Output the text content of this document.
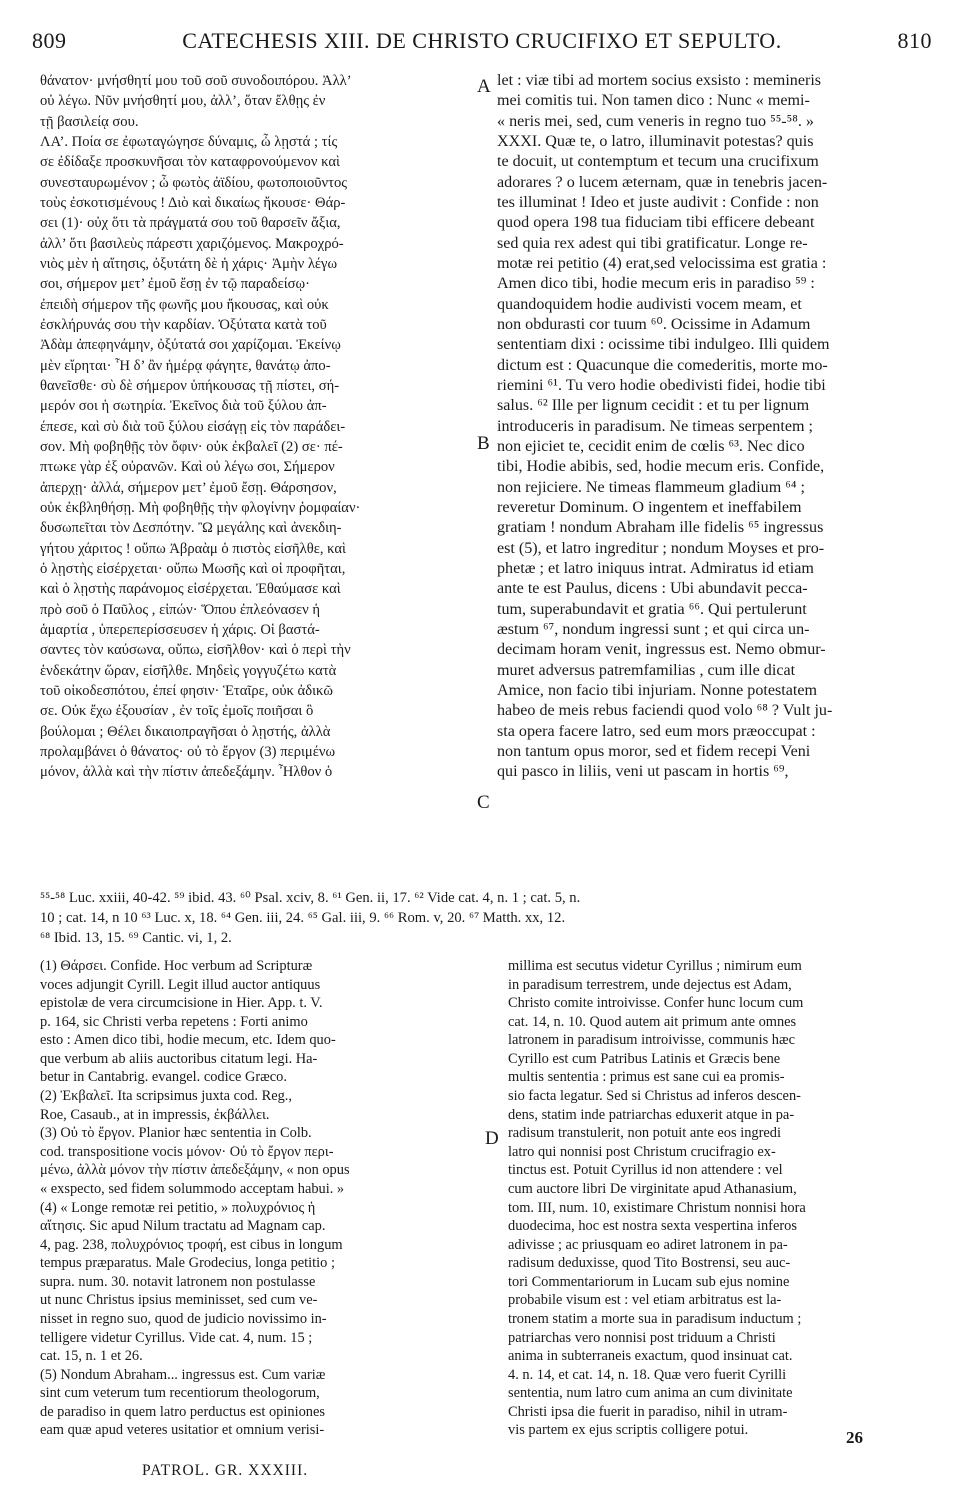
809	CATECHESIS XIII. DE CHRISTO CRUCIFIXO ET SEPULTO.	810

θάνατον· μνήσθητί μου τοῦ σοῦ συνοδοιπόρου. Ἀλλ’

οὐ λέγω. Νῦν μνήσθητί μου, ἀλλ’, ὅταν ἔλθῃς ἐν

τῇ βασιλείᾳ σου.

ΛΑ’. Ποία σε ἐφωταγώγησε δύναμις, ὦ λῃστά ; τίς

σε ἐδίδαξε προσκυνῆσαι τὸν καταφρονούμενον καὶ

συνεσταυρωμένον ; ὦ φωτὸς ἀϊδίου, φωτοποιοῦντος

τοὺς ἐσκοτισμένους ! Διὸ καὶ δικαίως ἤκουσε· Θάρ-

σει (1)· οὐχ ὅτι τὰ πράγματά σου τοῦ θαρσεῖν ἄξια,

ἀλλ’ ὅτι βασιλεὺς πάρεστι χαριζόμενος. Μακροχρό-

νιὸς μὲν ἡ αἴτησις, ὀξυτάτη δὲ ἡ χάρις· Ἀμὴν λέγω

σοι, σήμερον μετ’ ἐμοῦ ἔσῃ ἐν τῷ παραδείσῳ·

ἐπειδὴ σήμερον τῆς φωνῆς μου ἤκουσας, καὶ οὐκ

ἐσκλήρυνάς σου τὴν καρδίαν. Ὀξύτατα κατὰ τοῦ

Ἀδὰμ ἀπεφηνάμην, ὀξύτατά σοι χαρίζομαι. Ἐκείνῳ

μὲν εἴρηται· Ἧ δ’ ἂν ἡμέρᾳ φάγητε, θανάτῳ ἀπο-

θανεῖσθε· σὺ δὲ σήμερον ὑπήκουσας τῇ πίστει, σή-

μερόν σοι ἡ σωτηρία. Ἐκεῖνος διὰ τοῦ ξύλου ἀπ-

έπεσε, καὶ σὺ διὰ τοῦ ξύλου εἰσάγῃ εἰς τὸν παράδει-

σον. Μὴ φοβηθῇς τὸν ὄφιν· οὐκ ἐκβαλεῖ (2) σε· πέ-

πτωκε γὰρ ἐξ οὐρανῶν. Καὶ οὐ λέγω σοι, Σήμερον

ἀπερχῃ· ἀλλά, σήμερον μετ’ ἐμοῦ ἔσῃ. Θάρσησον,

οὐκ ἐκβληθήσῃ. Μὴ φοβηθῇς τὴν φλογίνην ῥομφαίαν·

δυσωπεῖται τὸν Δεσπότην. Ὢ μεγάλης καὶ ἀνεκδιη-

γήτου χάριτος ! οὔπω Ἀβραὰμ ὁ πιστὸς εἰσῆλθε, καὶ

ὁ λῃστὴς εἰσέρχεται· οὔπω Μωσῆς καὶ οἱ προφῆται,

καὶ ὁ λῃστὴς παράνομος εἰσέρχεται. Ἐθαύμασε καὶ

πρὸ σοῦ ὁ Παῦλος , εἰπών· Ὅπου ἐπλεόνασεν ἡ

ἁμαρτία , ὑπερεπερίσσευσεν ἡ χάρις. Οἱ βαστά-

σαντες τὸν καύσωνα, οὔπω, εἰσῆλθον· καὶ ὁ περὶ τὴν

ἑνδεκάτην ὥραν, εἰσῆλθε. Μηδεὶς γογγυζέτω κατὰ

τοῦ οἰκοδεσπότου, ἐπεί φησιν· Ἑταῖρε, οὐκ ἀδικῶ

σε. Οὐκ ἔχω ἐξουσίαν , ἐν τοῖς ἐμοῖς ποιῆσαι ὃ

βούλομαι ; Θέλει δικαιοπραγῆσαι ὁ λῃστής, ἀλλὰ

προλαμβάνει ὁ θάνατος· οὐ τὸ ἔργον (3) περιμένω

μόνον, ἀλλὰ καὶ τὴν πίστιν ἀπεδεξάμην. Ἦλθον ὁ

let : viæ tibi ad mortem socius exsisto : memineris

mei comitis tui. Non tamen dico : Nunc « memi-

« neris mei, sed, cum veneris in regno tuo ⁵⁵-⁵⁸. »

XXXI. Quæ te, o latro, illuminavit potestas? quis

te docuit, ut contemptum et tecum una crucifixum

adorares ? o lucem æternam, quæ in tenebris jacen-

tes illuminat ! Ideo et juste audivit : Confide : non

quod opera 198 tua fiduciam tibi efficere debeant

sed quia rex adest qui tibi gratificatur. Longe re-

motæ rei petitio (4) erat,sed velocissima est gratia :

Amen dico tibi, hodie mecum eris in paradiso ⁵⁹ :

quandoquidem hodie audivisti vocem meam, et

non obdurasti cor tuum ⁶⁰. Ocissime in Adamum

sententiam dixi : ocissime tibi indulgeo. Illi quidem

dictum est : Quacunque die comederitis, morte mo-

riemini ⁶¹. Tu vero hodie obedivisti fidei, hodie tibi

salus. ⁶² Ille per lignum cecidit : et tu per lignum

introduceris in paradisum. Ne timeas serpentem ;

non ejiciet te, cecidit enim de cœlis ⁶³. Nec dico

tibi, Hodie abibis, sed, hodie mecum eris. Confide,

non rejiciere. Ne timeas flammeum gladium ⁶⁴ ;

reveretur Dominum. O ingentem et ineffabilem

gratiam ! nondum Abraham ille fidelis ⁶⁵ ingressus

est (5), et latro ingreditur ; nondum Moyses et pro-

phetæ ; et latro iniquus intrat. Admiratus id etiam

ante te est Paulus, dicens : Ubi abundavit pecca-

tum, superabundavit et gratia ⁶⁶. Qui pertulerunt

æstum ⁶⁷, nondum ingressi sunt ; et qui circa un-

decimam horam venit, ingressus est. Nemo obmur-

muret adversus patremfamilias , cum ille dicat

Amice, non facio tibi injuriam. Nonne potestatem

habeo de meis rebus faciendi quod volo ⁶⁸ ? Vult ju-

sta opera facere latro, sed eum mors præoccupat :

non tantum opus moror, sed et fidem recepi Veni

qui pasco in liliis, veni ut pascam in hortis ⁶⁹,

A
B
C
D

⁵⁵-⁵⁸ Luc. xxiii, 40-42. ⁵⁹ ibid. 43. ⁶⁰ Psal. xciv, 8. ⁶¹ Gen. ii, 17. ⁶² Vide cat. 4, n. 1 ; cat. 5, n.

10 ; cat. 14, n 10 ⁶³ Luc. x, 18. ⁶⁴ Gen. iii, 24. ⁶⁵ Gal. iii, 9. ⁶⁶ Rom. v, 20. ⁶⁷ Matth. xx, 12.

⁶⁸ Ibid. 13, 15. ⁶⁹ Cantic. vi, 1, 2.

(1) Θάρσει. Confide. Hoc verbum ad Scripturæ

voces adjungit Cyrill. Legit illud auctor antiquus

epistolæ de vera circumcisione in Hier. App. t. V.

p. 164, sic Christi verba repetens : Forti animo

esto : Amen dico tibi, hodie mecum, etc. Idem quo-

que verbum ab aliis auctoribus citatum legi. Ha-

betur in Cantabrig. evangel. codice Græco.

(2) Ἐκβαλεῖ. Ita scripsimus juxta cod. Reg.,

Roe, Casaub., at in impressis, ἐκβάλλει.

(3) Οὐ τὸ ἔργον. Planior hæc sententia in Colb.

cod. transpositione vocis μόνον· Οὐ τὸ ἔργον περι-

μένω, ἀλλὰ μόνον τὴν πίστιν ἀπεδεξάμην, « non opus

« exspecto, sed fidem solummodo acceptam habui. »

(4) « Longe remotæ rei petitio, » πολυχρόνιος ἡ

αἴτησις. Sic apud Nilum tractatu ad Magnam cap.

4, pag. 238, πολυχρόνιος τροφή, est cibus in longum

tempus præparatus. Male Grodecius, longa petitio ;

supra. num. 30. notavit latronem non postulasse

ut nunc Christus ipsius meminisset, sed cum ve-

nisset in regno suo, quod de judicio novissimo in-

telligere videtur Cyrillus. Vide cat. 4, num. 15 ;

cat. 15, n. 1 et 26.

(5) Nondum Abraham... ingressus est. Cum variæ

sint cum veterum tum recentiorum theologorum,

de paradiso in quem latro perductus est opiniones

eam quæ apud veteres usitatior et omnium verisi-

millima est secutus videtur Cyrillus ; nimirum eum

in paradisum terrestrem, unde dejectus est Adam,

Christo comite introivisse. Confer hunc locum cum

cat. 14, n. 10. Quod autem ait primum ante omnes

latronem in paradisum introivisse, communis hæc

Cyrillo est cum Patribus Latinis et Græcis bene

multis sententia : primus est sane cui ea promis-

sio facta legatur. Sed si Christus ad inferos descen-

dens, statim inde patriarchas eduxerit atque in pa-

radisum transtulerit, non potuit ante eos ingredi

latro qui nonnisi post Christum crucifragio ex-

tinctus est. Potuit Cyrillus id non attendere : vel

cum auctore libri De virginitate apud Athanasium,

tom. III, num. 10, existimare Christum nonnisi hora

duodecima, hoc est nostra sexta vespertina inferos

adivisse ; ac priusquam eo adiret latronem in pa-

radisum deduxisse, quod Tito Bostrensi, seu auc-

tori Commentariorum in Lucam sub ejus nomine

probabile visum est : vel etiam arbitratus est la-

tronem statim a morte sua in paradisum inductum ;

patriarchas vero nonnisi post triduum a Christi

anima in subterraneis exactum, quod insinuat cat.

4. n. 14, et cat. 14, n. 18. Quæ vero fuerit Cyrilli

sententia, num latro cum anima an cum divinitate

Christi ipsa die fuerit in paradiso, nihil in utram-

vis partem ex ejus scriptis colligere potui.

PATROL. GR. XXXIII.
26
